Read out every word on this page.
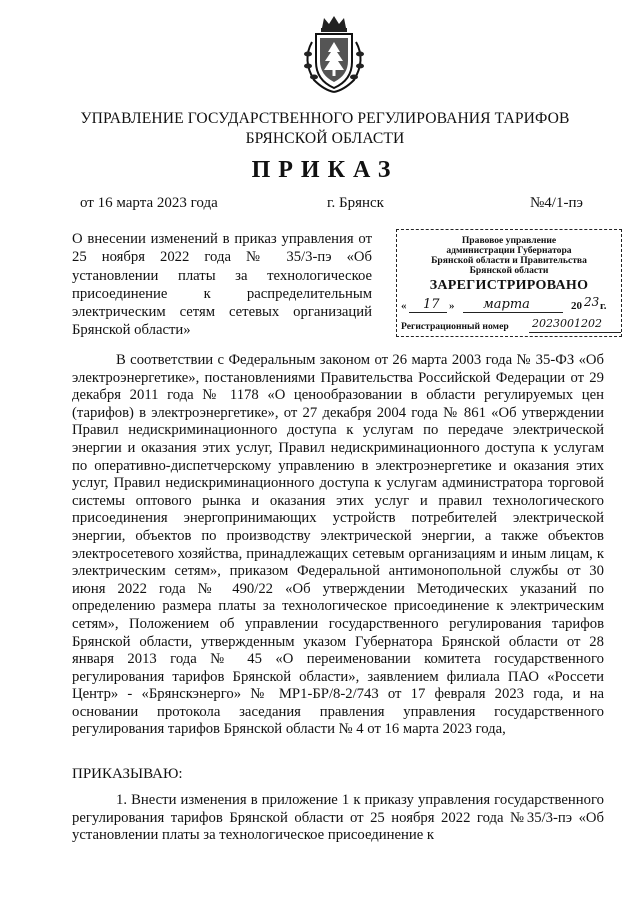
УПРАВЛЕНИЕ ГОСУДАРСТВЕННОГО РЕГУЛИРОВАНИЯ ТАРИФОВ
БРЯНСКОЙ ОБЛАСТИ
ПРИКАЗ
от 16 марта 2023 года	г. Брянск	№4/1-пэ
О внесении изменений в приказ управления от 25 ноября 2022 года № 35/3-пэ «Об установлении платы за технологическое присоединение к распределительным электрическим сетям сетевых организаций Брянской области»
Правовое управление
администрации Губернатора
Брянской области и Правительства
Брянской области
ЗАРЕГИСТРИРОВАНО
« 17 » марта	20 23 г.
Регистрационный номер 2023001202

В соответствии с Федеральным законом от 26 марта 2003 года № 35-ФЗ «Об электроэнергетике», постановлениями Правительства Российской Федерации от 29 декабря 2011 года № 1178 «О ценообразовании в области регулируемых цен (тарифов) в электроэнергетике», от 27 декабря 2004 года № 861 «Об утверждении Правил недискриминационного доступа к услугам по передаче электрической энергии и оказания этих услуг, Правил недискриминационного доступа к услугам по оперативно-диспетчерскому управлению в электроэнергетике и оказания этих услуг, Правил недискриминационного доступа к услугам администратора торговой системы оптового рынка и оказания этих услуг и правил технологического присоединения энергопринимающих устройств потребителей электрической энергии, объектов по производству электрической энергии, а также объектов электросетевого хозяйства, принадлежащих сетевым организациям и иным лицам, к электрическим сетям», приказом Федеральной антимонопольной службы от 30 июня 2022 года № 490/22 «Об утверждении Методических указаний по определению размера платы за технологическое присоединение к электрическим сетям», Положением об управлении государственного регулирования тарифов Брянской области, утвержденным указом Губернатора Брянской области от 28 января 2013 года № 45 «О переименовании комитета государственного регулирования тарифов Брянской области», заявлением филиала ПАО «Россети Центр» - «Брянскэнерго» № МР1-БР/8-2/743 от 17 февраля 2023 года, и на основании протокола заседания правления управления государственного регулирования тарифов Брянской области № 4 от 16 марта 2023 года,

ПРИКАЗЫВАЮ:
1. Внести изменения в приложение 1 к приказу управления государственного регулирования тарифов Брянской области от 25 ноября 2022 года №35/3-пэ «Об установлении платы за технологическое присоединение к
